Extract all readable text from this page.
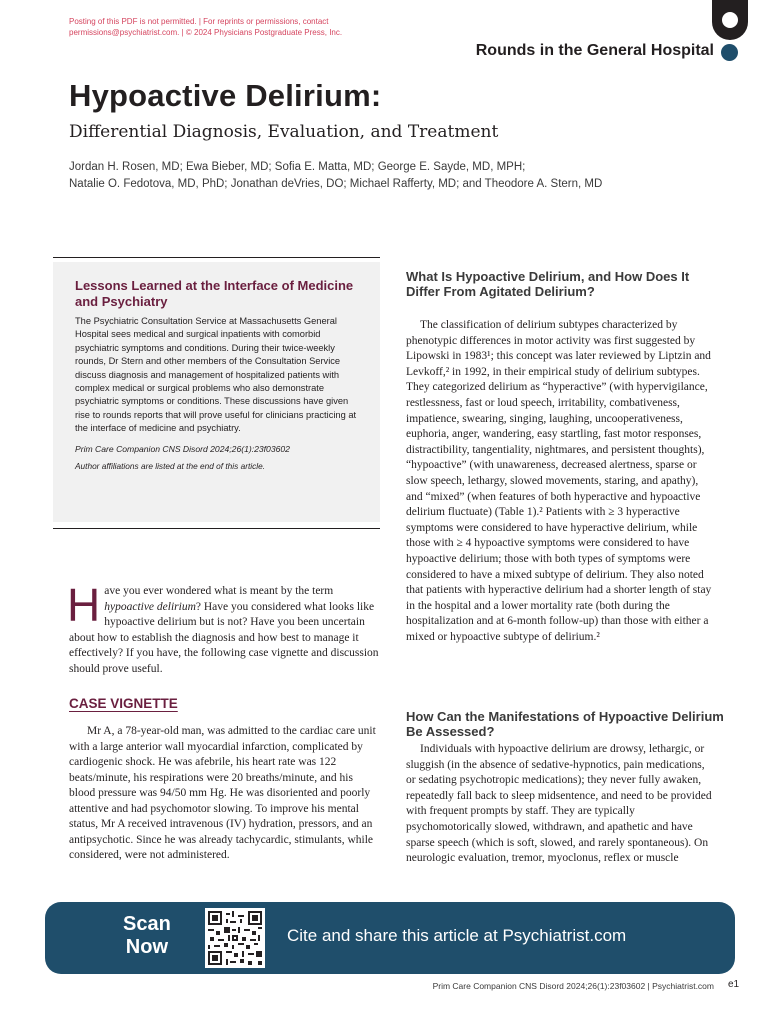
Posting of this PDF is not permitted. | For reprints or permissions, contact
permissions@psychiatrist.com. | © 2024 Physicians Postgraduate Press, Inc.
Rounds in the General Hospital
Hypoactive Delirium:
Differential Diagnosis, Evaluation, and Treatment
Jordan H. Rosen, MD; Ewa Bieber, MD; Sofia E. Matta, MD; George E. Sayde, MD, MPH;
Natalie O. Fedotova, MD, PhD; Jonathan deVries, DO; Michael Rafferty, MD; and Theodore A. Stern, MD
Lessons Learned at the Interface of Medicine and Psychiatry
The Psychiatric Consultation Service at Massachusetts General Hospital sees medical and surgical inpatients with comorbid psychiatric symptoms and conditions. During their twice-weekly rounds, Dr Stern and other members of the Consultation Service discuss diagnosis and management of hospitalized patients with complex medical or surgical problems who also demonstrate psychiatric symptoms or conditions. These discussions have given rise to rounds reports that will prove useful for clinicians practicing at the interface of medicine and psychiatry.
Prim Care Companion CNS Disord 2024;26(1):23f03602
Author affiliations are listed at the end of this article.
Have you ever wondered what is meant by the term hypoactive delirium? Have you considered what looks like hypoactive delirium but is not? Have you been uncertain about how to establish the diagnosis and how best to manage it effectively? If you have, the following case vignette and discussion should prove useful.
CASE VIGNETTE

Mr A, a 78-year-old man, was admitted to the cardiac care unit with a large anterior wall myocardial infarction, complicated by cardiogenic shock. He was afebrile, his heart rate was 122 beats/minute, his respirations were 20 breaths/minute, and his blood pressure was 94/50 mm Hg. He was disoriented and poorly attentive and had psychomotor slowing. To improve his mental status, Mr A received intravenous (IV) hydration, pressors, and an antipsychotic. Since he was already tachycardic, stimulants, while considered, were not administered.

What Is Hypoactive Delirium, and How Does It Differ From Agitated Delirium?

The classification of delirium subtypes characterized by phenotypic differences in motor activity was first suggested by Lipowski in 1983¹; this concept was later reviewed by Liptzin and Levkoff,² in 1992, in their empirical study of delirium subtypes. They categorized delirium as “hyperactive” (with hypervigilance, restlessness, fast or loud speech, irritability, combativeness, impatience, swearing, singing, laughing, uncooperativeness, euphoria, anger, wandering, easy startling, fast motor responses, distractibility, tangentiality, nightmares, and persistent thoughts), “hypoactive” (with unawareness, decreased alertness, sparse or slow speech, lethargy, slowed movements, staring, and apathy), and “mixed” (when features of both hyperactive and hypoactive delirium fluctuate) (Table 1).² Patients with ≥ 3 hyperactive symptoms were considered to have hyperactive delirium, while those with ≥ 4 hypoactive symptoms were considered to have hypoactive delirium; those with both types of symptoms were considered to have a mixed subtype of delirium. They also noted that patients with hyperactive delirium had a shorter length of stay in the hospital and a lower mortality rate (both during the hospitalization and at 6-month follow-up) than those with either a mixed or hypoactive subtype of delirium.²

How Can the Manifestations of Hypoactive Delirium Be Assessed?

Individuals with hypoactive delirium are drowsy, lethargic, or sluggish (in the absence of sedative-hypnotics, pain medications, or sedating psychotropic medications); they never fully awaken, repeatedly fall back to sleep midsentence, and need to be provided with frequent prompts by staff. They are typically psychomotorically slowed, withdrawn, and apathetic and have sparse speech (which is soft, slowed, and rarely spontaneous). On neurologic evaluation, tremor, myoclonus, reflex or muscle

Scan
Now
Cite and share this article at Psychiatrist.com
Prim Care Companion CNS Disord 2024;26(1):23f03602 | Psychiatrist.com e1
